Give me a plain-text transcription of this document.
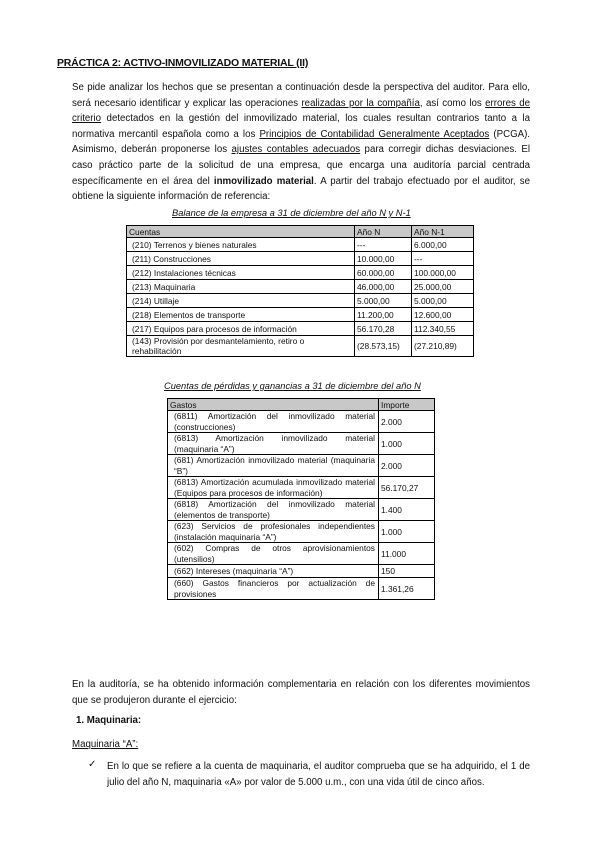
PRÁCTICA 2: ACTIVO-INMOVILIZADO MATERIAL (II)
Se pide analizar los hechos que se presentan a continuación desde la perspectiva del auditor. Para ello, será necesario identificar y explicar las operaciones realizadas por la compañía, así como los errores de criterio detectados en la gestión del inmovilizado material, los cuales resultan contrarios tanto a la normativa mercantil española como a los Principios de Contabilidad Generalmente Aceptados (PCGA). Asimismo, deberán proponerse los ajustes contables adecuados para corregir dichas desviaciones. El caso práctico parte de la solicitud de una empresa, que encarga una auditoría parcial centrada específicamente en el área del inmovilizado material. A partir del trabajo efectuado por el auditor, se obtiene la siguiente información de referencia:
Balance de la empresa a 31 de diciembre del año N y N-1
Cuentas	Año N	Año N-1
(210) Terrenos y bienes naturales	---	6.000,00
(211) Construcciones	10.000,00	---
(212) Instalaciones técnicas	60.000,00	100.000,00
(213) Maquinaria	46.000,00	25.000,00
(214) Utillaje	5.000,00	5.000,00
(218) Elementos de transporte	11.200,00	12.600,00
(217) Equipos para procesos de información	56.170,28	112.340,55
(143) Provisión por desmantelamiento, retiro o rehabilitación	(28.573,15)	(27.210,89)
Cuentas de pérdidas y ganancias a 31 de diciembre del año N
Gastos	Importe
(6811) Amortización del inmovilizado material (construcciones)	2.000
(6813) Amortización inmovilizado material (maquinaria “A”)	1.000
(681) Amortización inmovilizado material (maquinaria “B”)	2.000
(6813) Amortización acumulada inmovilizado material (Equipos para procesos de información)	56.170,27
(6818) Amortización del inmovilizado material (elementos de transporte)	1.400
(623) Servicios de profesionales independientes (instalación maquinaria “A”)	1.000
(602) Compras de otros aprovisionamientos (utensilios)	11.000
(662) Intereses (maquinaria “A”)	150
(660) Gastos financieros por actualización de provisiones	1.361,26
En la auditoría, se ha obtenido información complementaria en relación con los diferentes movimientos que se produjeron durante el ejercicio:
1. Maquinaria:
Maquinaria “A”:
✓ En lo que se refiere a la cuenta de maquinaria, el auditor comprueba que se ha adquirido, el 1 de julio del año N, maquinaria «A» por valor de 5.000 u.m., con una vida útil de cinco años.
